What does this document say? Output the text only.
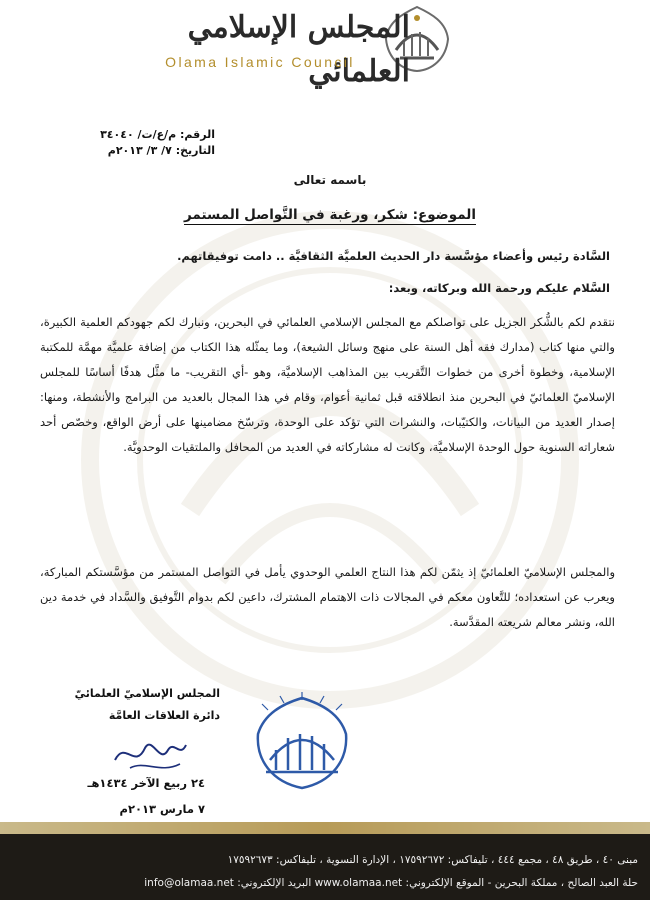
المجلس الإسلامي العلمائي
Olama Islamic Council
الرقم: م/ع/ت/ ٣٤٠٤٠
التاريخ: ٧/ ٣/ ٢٠١٣م
باسمه تعالى
الموضوع: شكر، ورغبة في التَّواصل المستمر
السَّادة رئيس وأعضاء مؤسَّسة دار الحديث العلميَّة الثقافيَّة .. دامت توفيقاتهم.
السَّلام عليكم ورحمة الله وبركاته، وبعد:
نتقدم لكم بالشُّكر الجزيل على تواصلكم مع المجلس الإسلامي العلمائي في البحرين، ونبارك لكم جهودكم العلمية الكبيرة، والتي منها كتاب (مدارك فقه أهل السنة على منهج وسائل الشيعة)، وما يمثّله هذا الكتاب من إضافة علميَّة مهمَّة للمكتبة الإسلامية، وخطوة أخرى من خطوات التَّقريب بين المذاهب الإسلاميَّة، وهو -أي التقريب- ما مثَّل هدفًا أساسًا للمجلس الإسلاميّ العلمائيّ في البحرين منذ انطلاقته قبل ثمانية أعوام، وقام في هذا المجال بالعديد من البرامج والأنشطة، ومنها: إصدار العديد من البيانات، والكتيّبات، والنشرات التي تؤكد على الوحدة، وترسّخ مضامينها على أرض الواقع، وخصّص أحد شعاراته السنوية حول الوحدة الإسلاميَّة، وكانت له مشاركاته في العديد من المحافل والملتقيات الوحدويَّة.
والمجلس الإسلاميّ العلمائيّ إذ يثمّن لكم هذا النتاج العلمي الوحدوي يأمل في التواصل المستمر من مؤسَّستكم المباركة، ويعرب عن استعداده؛ للتَّعاون معكم في المجالات ذات الاهتمام المشترك، داعين لكم بدوام التَّوفيق والسَّداد في خدمة دين الله، ونشر معالم شريعته المقدَّسة.
المجلس الإسلاميّ العلمائيّ
دائرة العلاقات العامَّة
٢٤ ربيع الآخر ١٤٣٤هـ
٧ مارس ٢٠١٣م
مبنى ٤٠ ، طريق ٤٨ ، مجمع ٤٤٤ ، تليفاكس: ١٧٥٩٢٦٧٢ ، الإدارة النسوية ، تليفاكس: ١٧٥٩٢٦٧٣
حلة العبد الصالح ، مملكة البحرين - الموقع الإلكتروني: www.olamaa.net البريد الإلكتروني: info@olamaa.net
